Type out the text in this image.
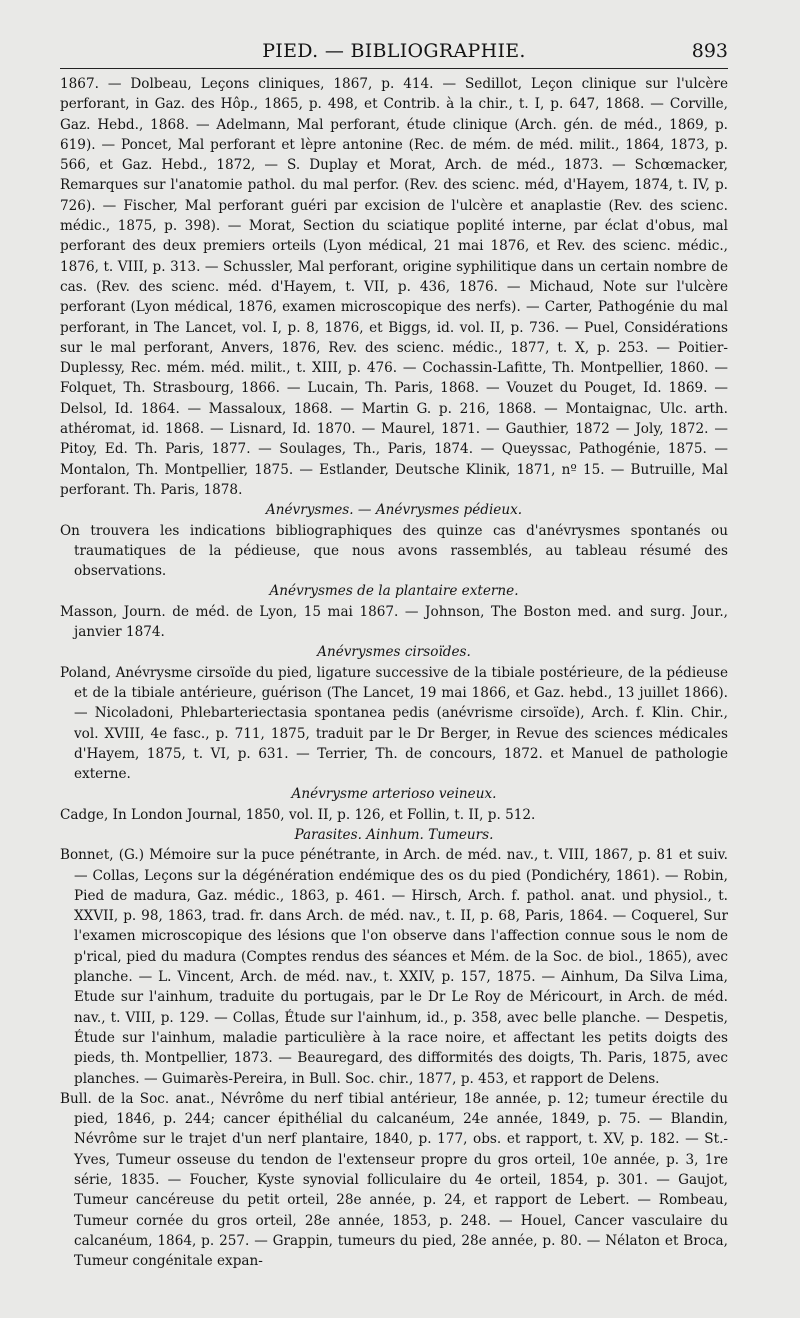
PIED. — BIBLIOGRAPHIE.	893

1867. — Dolbeau, Leçons cliniques, 1867, p. 414. — Sedillot, Leçon clinique sur l'ulcère perforant, in Gaz. des Hôp., 1865, p. 498, et Contrib. à la chir., t. I, p. 647, 1868. — Corville, Gaz. Hebd., 1868. — Adelmann, Mal perforant, étude clinique (Arch. gén. de méd., 1869, p. 619). — Poncet, Mal perforant et lèpre antonine (Rec. de mém. de méd. milit., 1864, 1873, p. 566, et Gaz. Hebd., 1872, — S. Duplay et Morat, Arch. de méd., 1873. — Schœmacker, Remarques sur l'anatomie pathol. du mal perfor. (Rev. des scienc. méd, d'Hayem, 1874, t. IV, p. 726). — Fischer, Mal perforant guéri par excision de l'ulcère et anaplastie (Rev. des scienc. médic., 1875, p. 398). — Morat, Section du sciatique poplité interne, par éclat d'obus, mal perforant des deux premiers orteils (Lyon médical, 21 mai 1876, et Rev. des scienc. médic., 1876, t. VIII, p. 313. — Schussler, Mal perforant, origine syphilitique dans un certain nombre de cas. (Rev. des scienc. méd. d'Hayem, t. VII, p. 436, 1876. — Michaud, Note sur l'ulcère perforant (Lyon médical, 1876, examen microscopique des nerfs). — Carter, Pathogénie du mal perforant, in The Lancet, vol. I, p. 8, 1876, et Biggs, id. vol. II, p. 736. — Puel, Considérations sur le mal perforant, Anvers, 1876, Rev. des scienc. médic., 1877, t. X, p. 253. — Poitier-Duplessy, Rec. mém. méd. milit., t. XIII, p. 476. — Cochassin-Lafitte, Th. Montpellier, 1860. — Folquet, Th. Strasbourg, 1866. — Lucain, Th. Paris, 1868. — Vouzet du Pouget, Id. 1869. — Delsol, Id. 1864. — Massaloux, 1868. — Martin G. p. 216, 1868. — Montaignac, Ulc. arth. athéromat, id. 1868. — Lisnard, Id. 1870. — Maurel, 1871. — Gauthier, 1872 — Joly, 1872. — Pitoy, Ed. Th. Paris, 1877. — Soulages, Th., Paris, 1874. — Queyssac, Pathogénie, 1875. — Montalon, Th. Montpellier, 1875. — Estlander, Deutsche Klinik, 1871, nº 15. — Butruille, Mal perforant. Th. Paris, 1878.

Anévrysmes. — Anévrysmes pédieux.

On trouvera les indications bibliographiques des quinze cas d'anévrysmes spontanés ou traumatiques de la pédieuse, que nous avons rassemblés, au tableau résumé des observations.

Anévrysmes de la plantaire externe.

Masson, Journ. de méd. de Lyon, 15 mai 1867. — Johnson, The Boston med. and surg. Jour., janvier 1874.

Anévrysmes cirsoïdes.

Poland, Anévrysme cirsoïde du pied, ligature successive de la tibiale postérieure, de la pédieuse et de la tibiale antérieure, guérison (The Lancet, 19 mai 1866, et Gaz. hebd., 13 juillet 1866). — Nicoladoni, Phlebarteriectasia spontanea pedis (anévrisme cirsoïde), Arch. f. Klin. Chir., vol. XVIII, 4e fasc., p. 711, 1875, traduit par le Dr Berger, in Revue des sciences médicales d'Hayem, 1875, t. VI, p. 631. — Terrier, Th. de concours, 1872. et Manuel de pathologie externe.

Anévrysme arterioso veineux.

Cadge, In London Journal, 1850, vol. II, p. 126, et Follin, t. II, p. 512.

Parasites. Ainhum. Tumeurs.

Bonnet, (G.) Mémoire sur la puce pénétrante, in Arch. de méd. nav., t. VIII, 1867, p. 81 et suiv. — Collas, Leçons sur la dégénération endémique des os du pied (Pondichéry, 1861). — Robin, Pied de madura, Gaz. médic., 1863, p. 461. — Hirsch, Arch. f. pathol. anat. und physiol., t. XXVII, p. 98, 1863, trad. fr. dans Arch. de méd. nav., t. II, p. 68, Paris, 1864. — Coquerel, Sur l'examen microscopique des lésions que l'on observe dans l'affection connue sous le nom de p'rical, pied du madura (Comptes rendus des séances et Mém. de la Soc. de biol., 1865), avec planche. — L. Vincent, Arch. de méd. nav., t. XXIV, p. 157, 1875. — Ainhum, Da Silva Lima, Etude sur l'ainhum, traduite du portugais, par le Dr Le Roy de Méricourt, in Arch. de méd. nav., t. VIII, p. 129. — Collas, Étude sur l'ainhum, id., p. 358, avec belle planche. — Despetis, Étude sur l'ainhum, maladie particulière à la race noire, et affectant les petits doigts des pieds, th. Montpellier, 1873. — Beauregard, des difformités des doigts, Th. Paris, 1875, avec planches. — Guimarès-Pereira, in Bull. Soc. chir., 1877, p. 453, et rapport de Delens.

Bull. de la Soc. anat., Névrôme du nerf tibial antérieur, 18e année, p. 12; tumeur érectile du pied, 1846, p. 244; cancer épithélial du calcanéum, 24e année, 1849, p. 75. — Blandin, Névrôme sur le trajet d'un nerf plantaire, 1840, p. 177, obs. et rapport, t. XV, p. 182. — St.-Yves, Tumeur osseuse du tendon de l'extenseur propre du gros orteil, 10e année, p. 3, 1re série, 1835. — Foucher, Kyste synovial folliculaire du 4e orteil, 1854, p. 301. — Gaujot, Tumeur cancéreuse du petit orteil, 28e année, p. 24, et rapport de Lebert. — Rombeau, Tumeur cornée du gros orteil, 28e année, 1853, p. 248. — Houel, Cancer vasculaire du calcanéum, 1864, p. 257. — Grappin, tumeurs du pied, 28e année, p. 80. — Nélaton et Broca, Tumeur congénitale expan-
